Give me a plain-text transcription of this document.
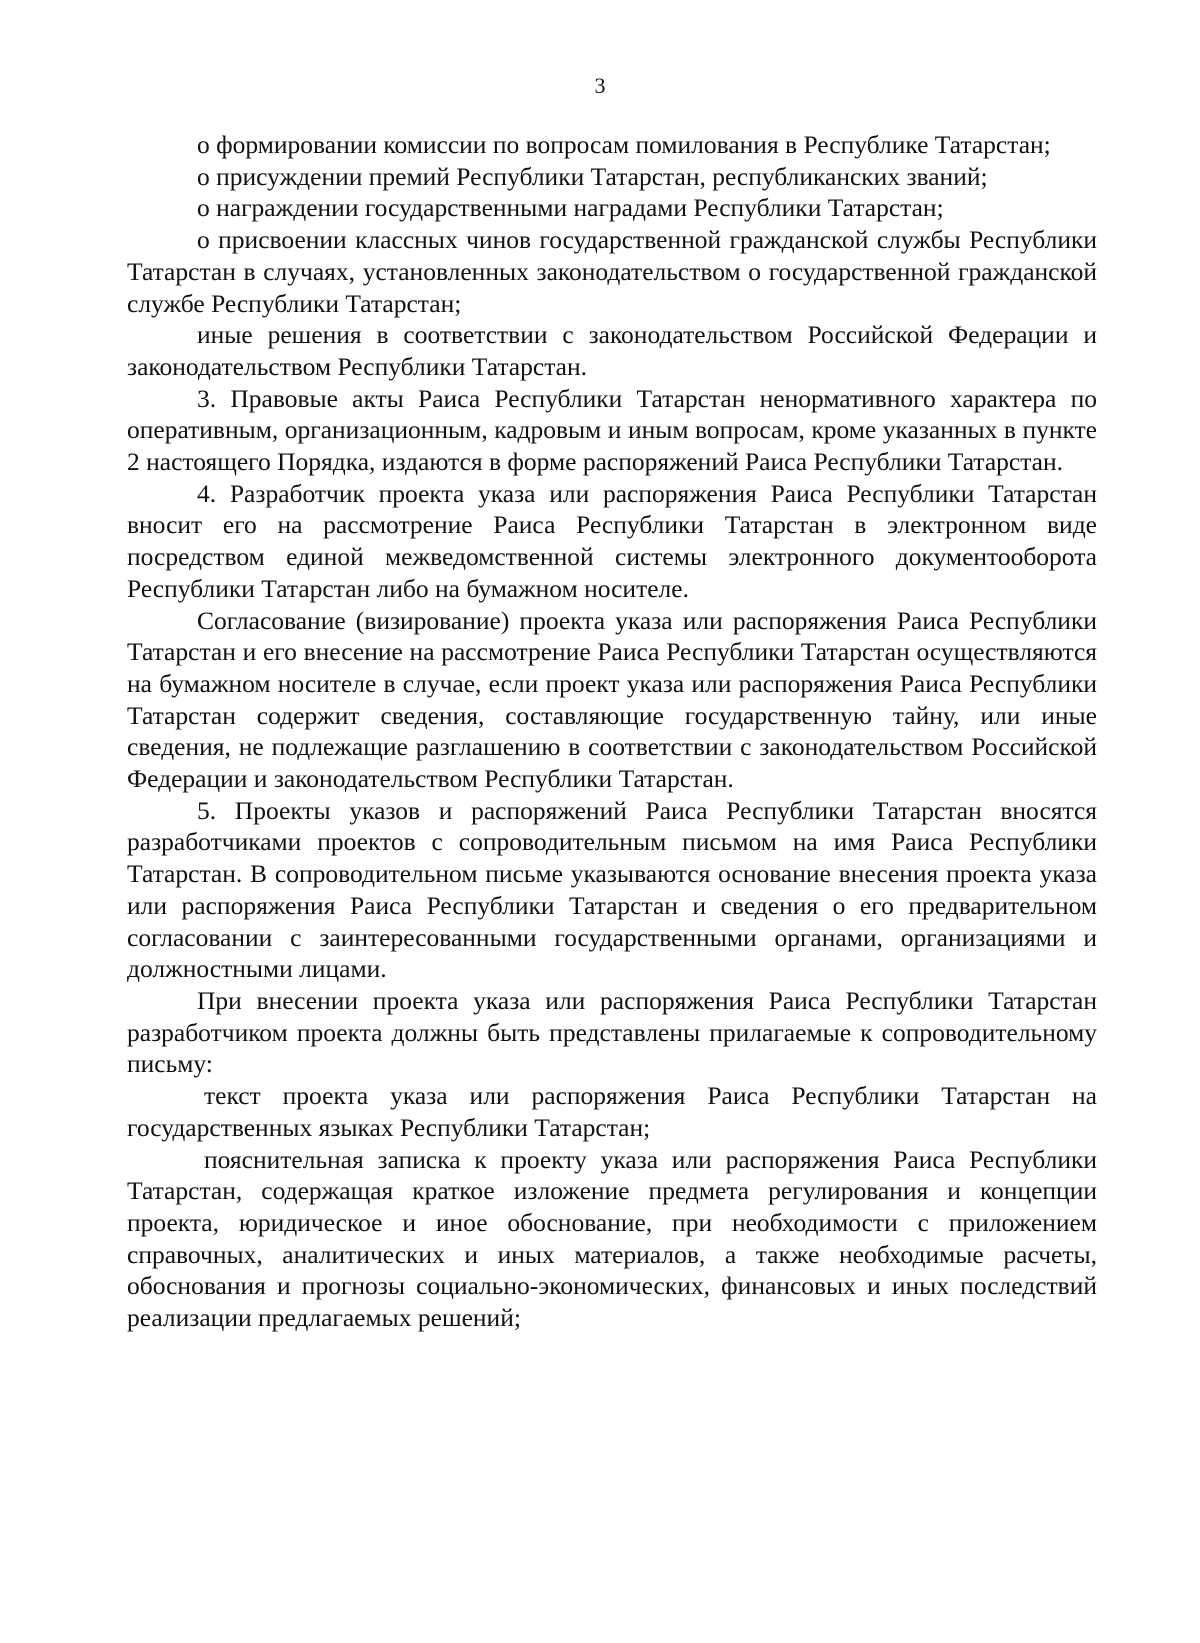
3

о формировании комиссии по вопросам помилования в Республике Татарстан;

о присуждении премий Республики Татарстан, республиканских званий;

о награждении государственными наградами Республики Татарстан;

о присвоении классных чинов государственной гражданской службы Республики Татарстан в случаях, установленных законодательством о государственной гражданской службе Республики Татарстан;

иные решения в соответствии с законодательством Российской Федерации и законодательством Республики Татарстан.

3. Правовые акты Раиса Республики Татарстан ненормативного характера по оперативным, организационным, кадровым и иным вопросам, кроме указанных в пункте 2 настоящего Порядка, издаются в форме распоряжений Раиса Республики Татарстан.

4. Разработчик проекта указа или распоряжения Раиса Республики Татарстан вносит его на рассмотрение Раиса Республики Татарстан в электронном виде посредством единой межведомственной системы электронного документооборота Республики Татарстан либо на бумажном носителе.

Согласование (визирование) проекта указа или распоряжения Раиса Республики Татарстан и его внесение на рассмотрение Раиса Республики Татарстан осуществляются на бумажном носителе в случае, если проект указа или распоряжения Раиса Республики Татарстан содержит сведения, составляющие государственную тайну, или иные сведения, не подлежащие разглашению в соответствии с законодательством Российской Федерации и законодательством Республики Татарстан.

5. Проекты указов и распоряжений Раиса Республики Татарстан вносятся разработчиками проектов с сопроводительным письмом на имя Раиса Республики Татарстан. В сопроводительном письме указываются основание внесения проекта указа или распоряжения Раиса Республики Татарстан и сведения о его предварительном согласовании с заинтересованными государственными органами, организациями и должностными лицами.

При внесении проекта указа или распоряжения Раиса Республики Татарстан разработчиком проекта должны быть представлены прилагаемые к сопроводительному письму:

текст проекта указа или распоряжения Раиса Республики Татарстан на государственных языках Республики Татарстан;

пояснительная записка к проекту указа или распоряжения Раиса Республики Татарстан, содержащая краткое изложение предмета регулирования и концепции проекта, юридическое и иное обоснование, при необходимости с приложением справочных, аналитических и иных материалов, а также необходимые расчеты, обоснования и прогнозы социально-экономических, финансовых и иных последствий реализации предлагаемых решений;
